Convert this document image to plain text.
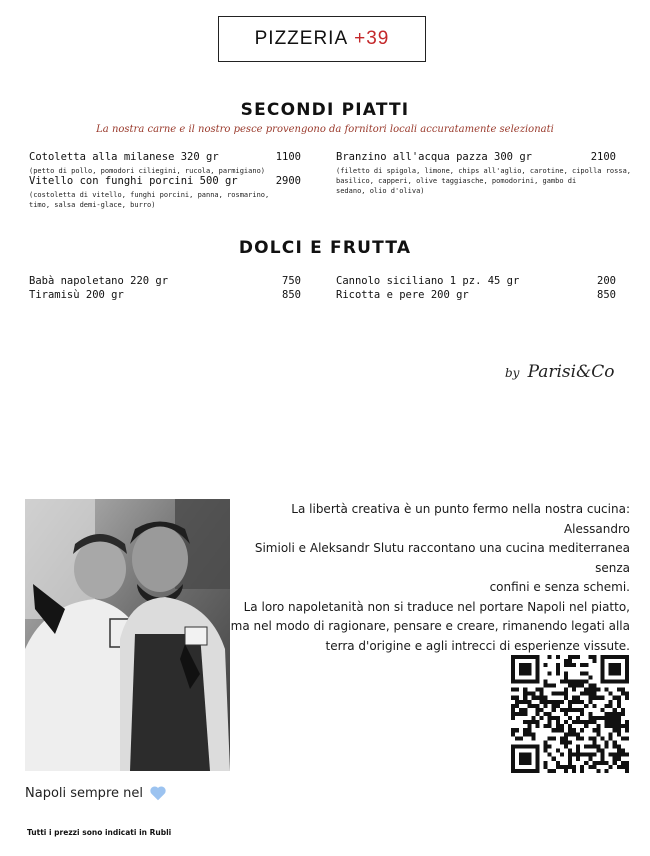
PIZZERIA +39
SECONDI PIATTI
La nostra carne e il nostro pesce provengono da fornitori locali accuratamente selezionati
Cotoletta alla milanese 320 gr	1100
(petto di pollo, pomodori ciliegini, rucola, parmigiano)
Vitello con funghi porcini 500 gr	2900
(costoletta di vitello, funghi porcini, panna, rosmarino,
timo, salsa demi-glace, burro)
Branzino all'acqua pazza 300 gr	2100
(filetto di spigola, limone, chips all'aglio, carotine, cipolla rossa,
basilico, capperi, olive taggiasche, pomodorini, gambo di
sedano, olio d'oliva)
DOLCI E FRUTTA
Babà napoletano 220 gr	750
Tiramisù 200 gr	850
Cannolo siciliano 1 pz. 45 gr	200
Ricotta e pere 200 gr	850
by Parisi&Co

La libertà creativa è un punto fermo nella nostra cucina: Alessandro

Simioli e Aleksandr Slutu raccontano una cucina mediterranea senza

confini e senza schemi.

La loro napoletanità non si traduce nel portare Napoli nel piatto,

ma nel modo di ragionare, pensare e creare, rimanendo legati alla

terra d'origine e agli intrecci di esperienze vissute.

Napoli sempre nel
Tutti i prezzi sono indicati in Rubli
